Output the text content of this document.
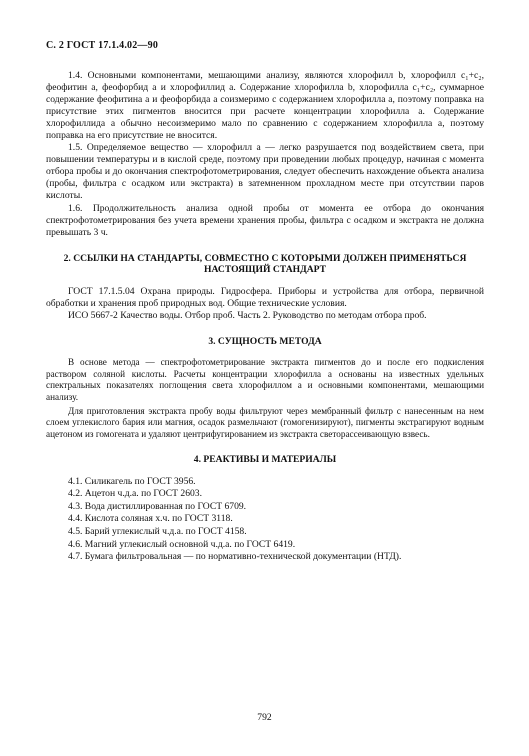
С. 2 ГОСТ 17.1.4.02—90

1.4. Основными компонентами, мешающими анализу, являются хлорофилл b, хлорофилл c₁+c₂, феофитин a, феофорбид a и хлорофиллид a. Содержание хлорофилла b, хлорофилла c₁+c₂, суммарное содержание феофитина a и феофорбида a соизмеримо с содержанием хлорофилла a, поэтому поправка на присутствие этих пигментов вносится при расчете концентрации хлорофилла a. Содержание хлорофиллида a обычно несоизмеримо мало по сравнению с содержанием хлорофилла a, поэтому поправка на его присутствие не вносится.

1.5. Определяемое вещество — хлорофилл a — легко разрушается под воздействием света, при повышении температуры и в кислой среде, поэтому при проведении любых процедур, начиная с момента отбора пробы и до окончания спектрофотометрирования, следует обеспечить нахождение объекта анализа (пробы, фильтра с осадком или экстракта) в затемненном прохладном месте при отсутствии паров кислоты.

1.6. Продолжительность анализа одной пробы от момента ее отбора до окончания спектрофотометрирования без учета времени хранения пробы, фильтра с осадком и экстракта не должна превышать 3 ч.

2. ССЫЛКИ НА СТАНДАРТЫ, СОВМЕСТНО С КОТОРЫМИ ДОЛЖЕН ПРИМЕНЯТЬСЯ НАСТОЯЩИЙ СТАНДАРТ

ГОСТ 17.1.5.04 Охрана природы. Гидросфера. Приборы и устройства для отбора, первичной обработки и хранения проб природных вод. Общие технические условия.

ИСО 5667-2 Качество воды. Отбор проб. Часть 2. Руководство по методам отбора проб.

3. СУЩНОСТЬ МЕТОДА

В основе метода — спектрофотометрирование экстракта пигментов до и после его подкисления раствором соляной кислоты. Расчеты концентрации хлорофилла a основаны на известных удельных спектральных показателях поглощения света хлорофиллом a и основными компонентами, мешающими анализу.

Для приготовления экстракта пробу воды фильтруют через мембранный фильтр с нанесенным на нем слоем углекислого бария или магния, осадок размельчают (гомогенизируют), пигменты экстрагируют водным ацетоном из гомогената и удаляют центрифугированием из экстракта светорассеивающую взвесь.

4. РЕАКТИВЫ И МАТЕРИАЛЫ

4.1. Силикагель по ГОСТ 3956.

4.2. Ацетон ч.д.а. по ГОСТ 2603.

4.3. Вода дистиллированная по ГОСТ 6709.

4.4. Кислота соляная х.ч. по ГОСТ 3118.

4.5. Барий углекислый ч.д.а. по ГОСТ 4158.

4.6. Магний углекислый основной ч.д.а. по ГОСТ 6419.

4.7. Бумага фильтровальная — по нормативно-технической документации (НТД).

792
